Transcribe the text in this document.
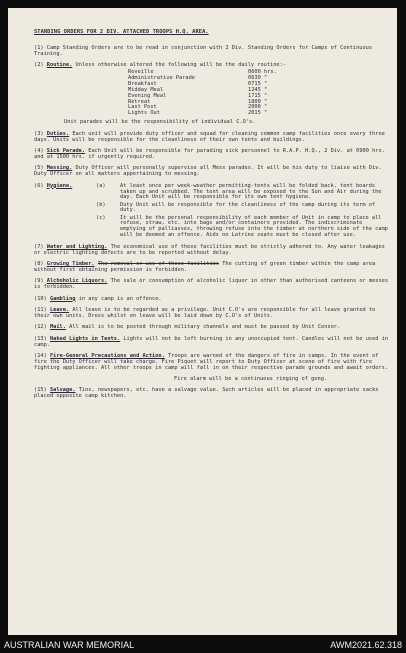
STANDING ORDERS FOR 2 DIV. ATTACHED TROOPS H.Q. AREA.
(1) Camp Standing Orders are to be read in conjunction with 2 Div. Standing Orders for Camps of Continuous Training.
(2) Routine. Unless otherwise altered the following will be the daily routine:-
Reveille	0600 hrs.
Administrative Parade	0630 "
Breakfast	0715 "
Midday Meal	1245 "
Evening Meal	1715 "
Retreat	1800 "
Last Post	2000 "
Lights Out	2015 "
Unit parades will be the responsibility of individual C.O's.
(3) Duties. Each unit will provide duty officer and squad for cleaning common camp facilities once every three days. Units will be responsible for the cleanliness of their own tents and buildings.
(4) Sick Parade. Each Unit will be responsible for parading sick personnel to R.A.P. H.Q., 2 Div. at 0900 hrs. and at 1500 hrs. if urgently required.
(5) Messing. Duty Officer will personally supervise all Mess parades. It will be his duty to liaise with Div. Duty Officer on all matters appertaining to messing.
(6) Hygiene.	(a)	At least once per week-weather permitting-tents will be folded back, tent boards taken up and scrubbed. The tent area will be exposed to the Sun and Air during the day. Each Unit will be responsible for its own tent hygiene.
(b)	Duty Unit will be responsible for the cleanliness of the camp during its term of duty.
(c)	It will be the personal responsibility of each member of Unit in camp to place all refuse, straw, etc. into bags and/or containers provided. The indiscriminate emptying of palliasses, throwing refuse into the timber at northern side of the camp will be deemed an offence. Aids on Latrine seats must be closed after use.
(7) Water and Lighting. The economical use of these facilities must be strictly adhered to. Any water leakages or electric lighting defects are to be reported without delay.
(8) Growing Timber. The removal or use of these facilities The cutting of green timber within the camp area without first obtaining permission is forbidden.
(9) Alchoholic Liquors. The sale or consumption of alcoholic liquor in other than authorised canteens or messes is forbidden.
(10) Gambling in any camp is an offence.
(11) Leave. All leave is to be regarded as a privilege. Unit C.O's are responsible for all leave granted to their own units. Dress whilst on leave will be laid down by C.O's of Units.
(12) Mail. All mail is to be posted through military channels and must be passed by Unit Censor.
(13) Naked Lights in Tents. Lights will not be left burning in any unoccupied tent. Candles will not be used in camp.
(14) Fire-General Precautions and Action. Troops are warned of the dangers of fire in camps. In the event of fire the Duty Officer will take charge. Fire Piquet will report to Duty Officer at scene of fire with fire fighting appliances. All other troops in camp will fall in on their respective parade grounds and await orders.
Fire alarm will be a continuous ringing of gong.
(15) Salvage. Tins, newspapers, etc. have a salvage value. Such articles will be placed in appropriate sacks placed opposite camp kitchen.
AUSTRALIAN WAR MEMORIAL	AWM2021.62.318
